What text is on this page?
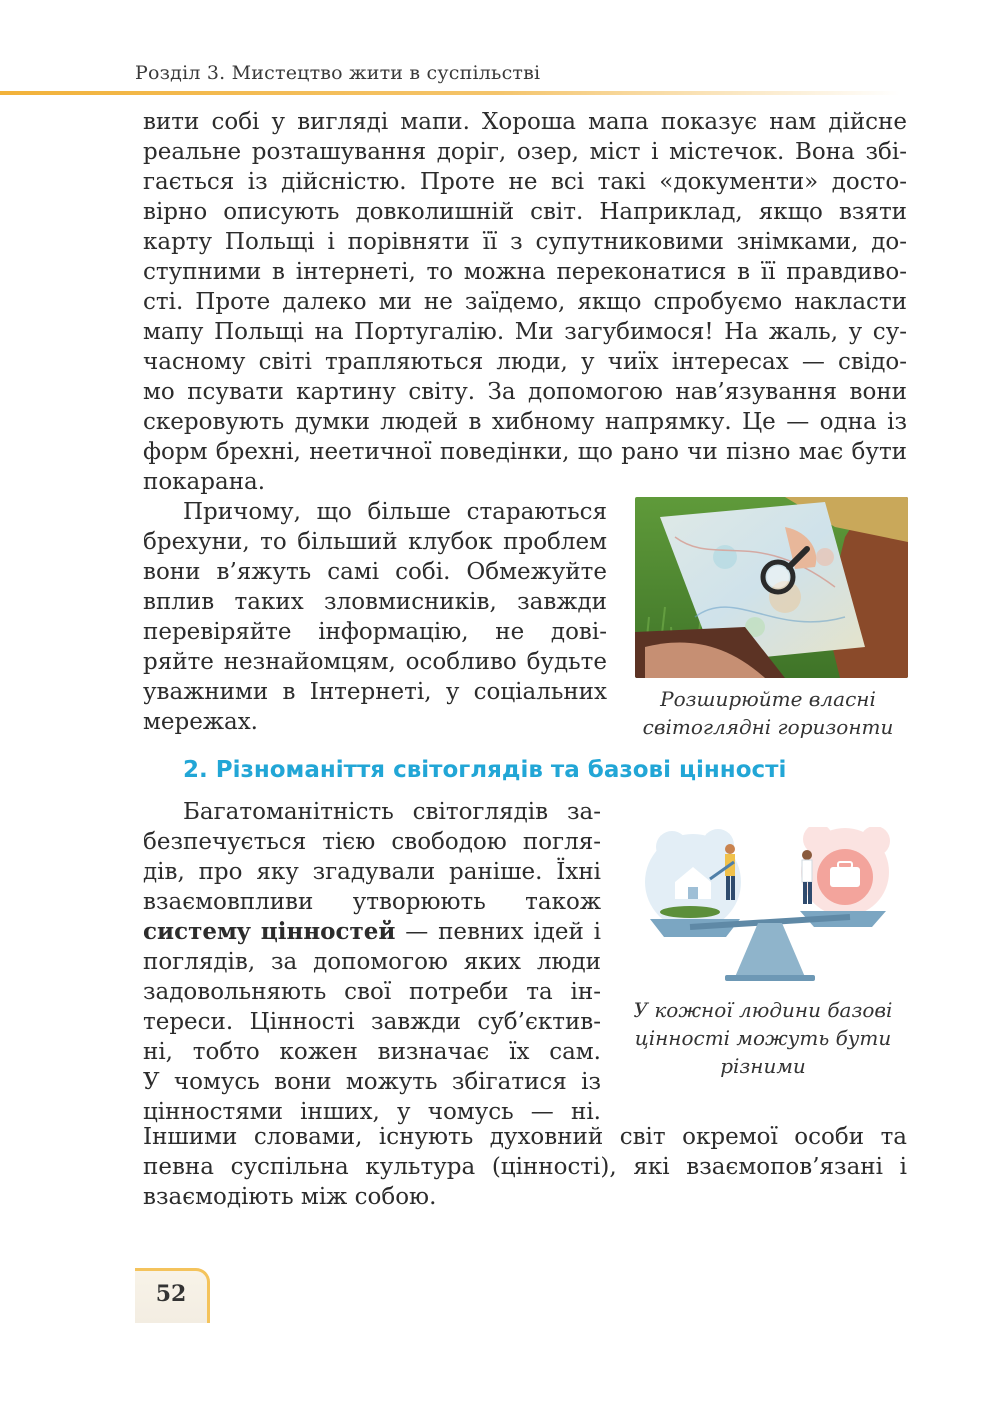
Розділ 3. Мистецтво жити в суспільстві

вити собі у вигляді мапи. Хороша мапа показує нам дійсне
реальне розташування доріг, озер, міст і містечок. Вона збі-
гається із дійсністю. Проте не всі такі «документи» досто-
вірно описують довколишній світ. Наприклад, якщо взяти
карту Польщі і порівняти її з супутниковими знімками, до-
ступними в інтернеті, то можна переконатися в її правдиво-
сті. Проте далеко ми не заїдемо, якщо спробуємо накласти
мапу Польщі на Португалію. Ми загубимося! На жаль, у су-
часному світі трапляються люди, у чиїх інтересах — свідо-
мо псувати картину світу. За допомогою нав’язування вони
скеровують думки людей в хибному напрямку. Це — одна із
форм брехні, неетичної поведінки, що рано чи пізно має бути
покарана.

Причому, що більше стараються
брехуни, то більший клубок проблем
вони в’яжуть самі собі. Обмежуйте
вплив таких зловмисників, завжди
перевіряйте інформацію, не дові-
ряйте незнайомцям, особливо будьте
уважними в Інтернеті, у соціальних
мережах.

Розширюйте власні
світоглядні горизонти
2. Різноманіття світоглядів та базові цінності

Багатоманітність світоглядів за-
безпечується тією свободою погля-
дів, про яку згадували раніше. Їхні
взаємовпливи утворюють також
системy цінностей — певних ідей і
поглядів, за допомогою яких люди
задовольняють свої потреби та ін-
тереси. Цінності завжди суб’єктив-
ні, тобто кожен визначає їх сам.
У чомусь вони можуть збігатися із
цінностями інших, у чомусь — ні.

У кожної людини базові
цінності можуть бути
різними

Іншими словами, існують духовний світ окремої особи та
певна суспільна культура (цінності), які взаємопов’язані і
взаємодіють між собою.

52
